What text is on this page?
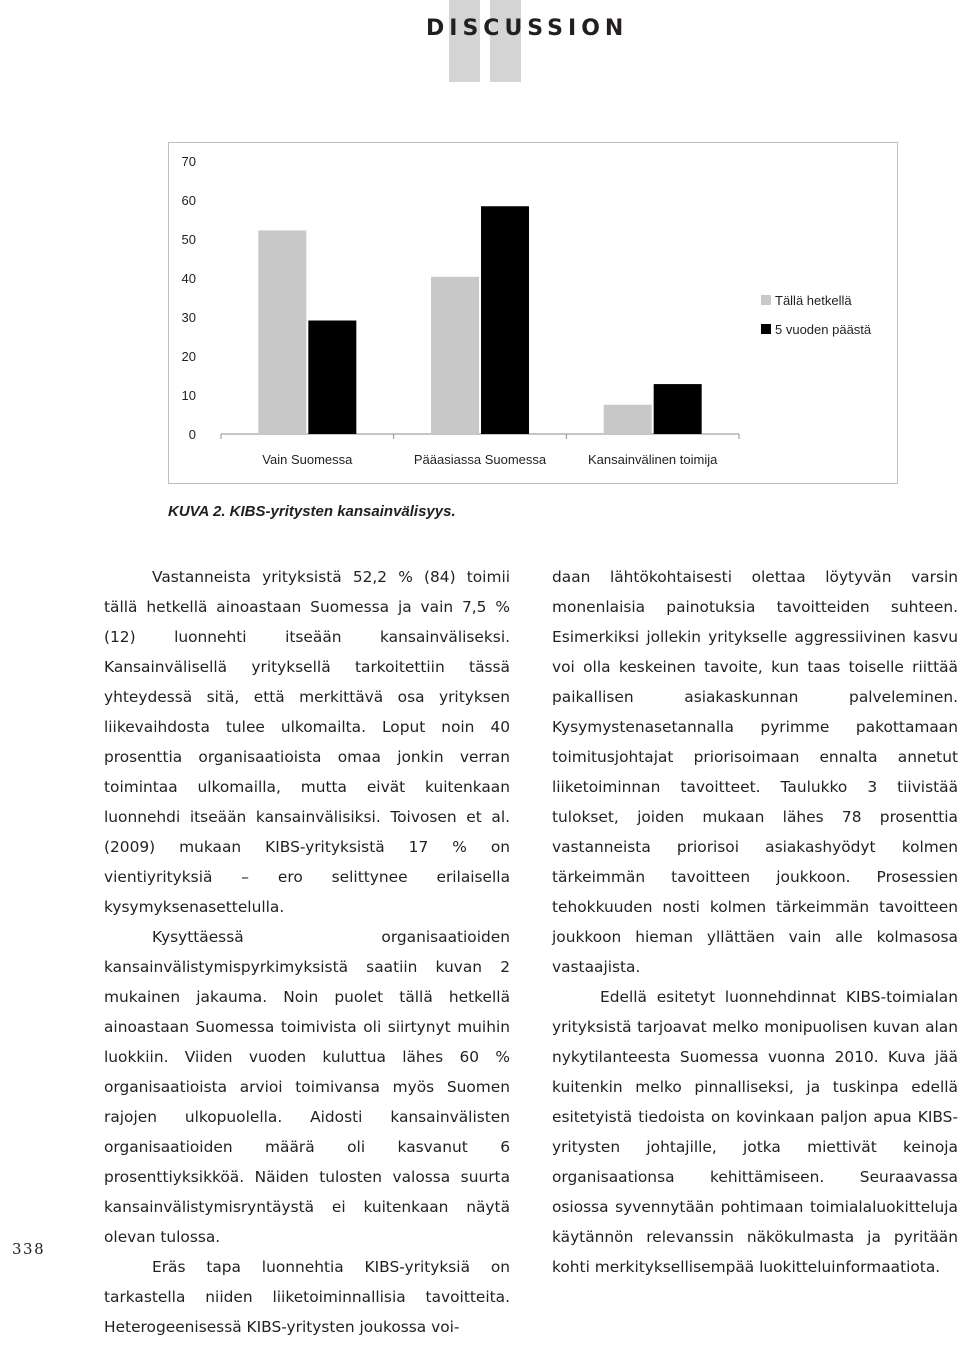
DISCUSSION
0
10
20
30
40
50
60
70
Vain Suomessa	Pääasiassa Suomessa	Kansainvälinen toimija
Tällä hetkellä
5 vuoden päästä
KUVA 2. KIBS-yritysten kansainvälisyys.

Vastanneista yrityksistä 52,2 % (84) toimii tällä hetkellä ainoastaan Suomessa ja vain 7,5 % (12) luonnehti itseään kansainväliseksi. Kansainvälisellä yrityksellä tarkoitettiin tässä yhteydessä sitä, että merkittävä osa yrityksen liikevaihdosta tulee ulkomailta. Loput noin 40 prosenttia organisaatioista omaa jonkin verran toimintaa ulkomailla, mutta eivät kuitenkaan luonnehdi itseään kansainvälisiksi. Toivosen et al. (2009) mukaan KIBS-yrityksistä 17 % on vientiyrityksiä – ero selittynee erilaisella kysymyksenasettelulla.

Kysyttäessä organisaatioiden kansainvälistymispyrkimyksistä saatiin kuvan 2 mukainen jakauma. Noin puolet tällä hetkellä ainoastaan Suomessa toimivista oli siirtynyt muihin luokkiin. Viiden vuoden kuluttua lähes 60 % organisaatioista arvioi toimivansa myös Suomen rajojen ulkopuolella. Aidosti kansainvälisten organisaatioiden määrä oli kasvanut 6 prosenttiyksikköä. Näiden tulosten valossa suurta kansainvälistymisryntäystä ei kuitenkaan näytä olevan tulossa.

Eräs tapa luonnehtia KIBS-yrityksiä on tarkastella niiden liiketoiminnallisia tavoitteita. Heterogeenisessä KIBS-yritysten joukossa voi-

daan lähtökohtaisesti olettaa löytyvän varsin monenlaisia painotuksia tavoitteiden suhteen. Esimerkiksi jollekin yritykselle aggressiivinen kasvu voi olla keskeinen tavoite, kun taas toiselle riittää paikallisen asiakaskunnan palveleminen. Kysymystenasetannalla pyrimme pakottamaan toimitusjohtajat priorisoimaan ennalta annetut liiketoiminnan tavoitteet. Taulukko 3 tiivistää tulokset, joiden mukaan lähes 78 prosenttia vastanneista priorisoi asiakashyödyt kolmen tärkeimmän tavoitteen joukkoon. Prosessien tehokkuuden nosti kolmen tärkeimmän tavoitteen joukkoon hieman yllättäen vain alle kolmasosa vastaajista.

Edellä esitetyt luonnehdinnat KIBS-toimialan yrityksistä tarjoavat melko monipuolisen kuvan alan nykytilanteesta Suomessa vuonna 2010. Kuva jää kuitenkin melko pinnalliseksi, ja tuskinpa edellä esitetyistä tiedoista on kovinkaan paljon apua KIBS-yritysten johtajille, jotka miettivät keinoja organisaationsa kehittämiseen. Seuraavassa osiossa syvennytään pohtimaan toimialaluokitteluja käytännön relevanssin näkökulmasta ja pyritään kohti merkityksellisempää luokitteluinformaatiota.

338
